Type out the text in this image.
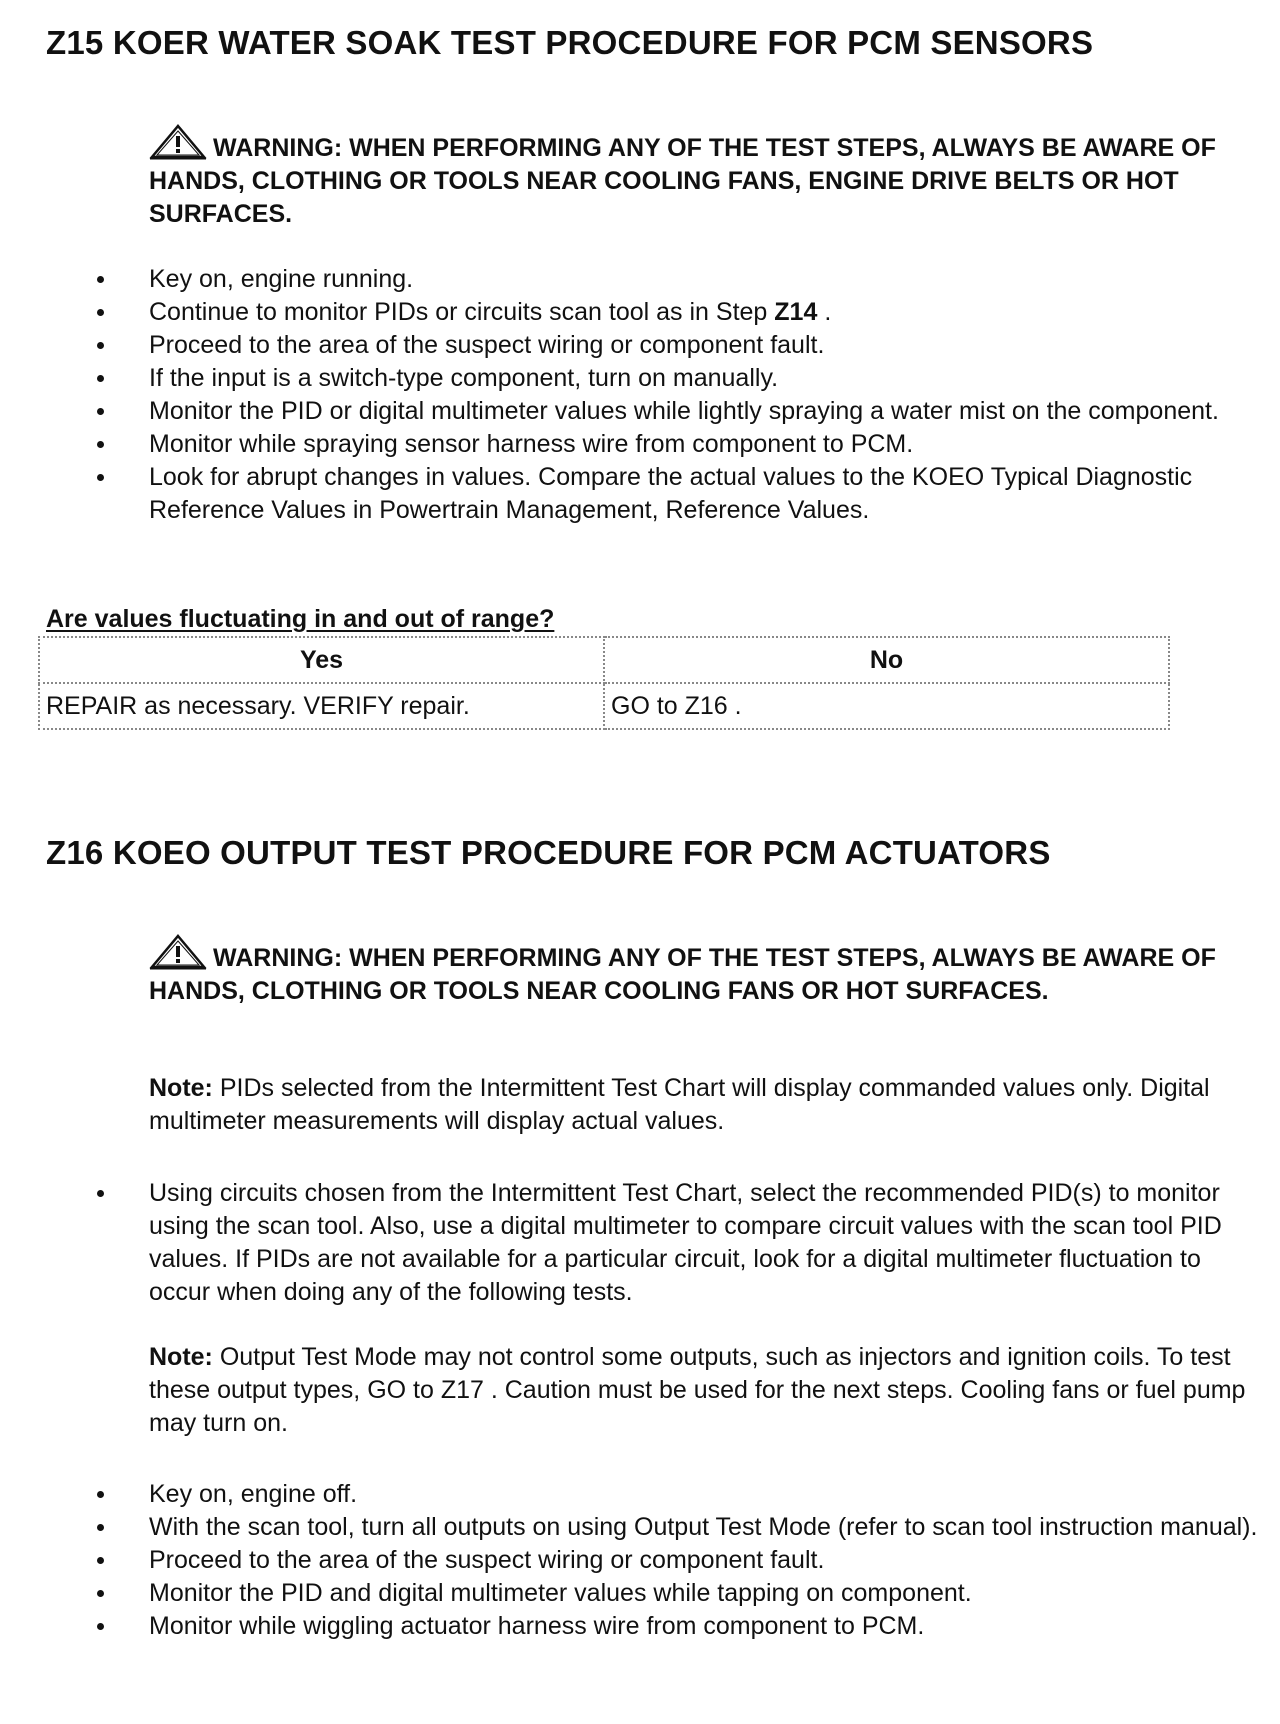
Z15 KOER WATER SOAK TEST PROCEDURE FOR PCM SENSORS
WARNING: WHEN PERFORMING ANY OF THE TEST STEPS, ALWAYS BE AWARE OF HANDS, CLOTHING OR TOOLS NEAR COOLING FANS, ENGINE DRIVE BELTS OR HOT SURFACES.
Key on, engine running.
Continue to monitor PIDs or circuits scan tool as in Step Z14 .
Proceed to the area of the suspect wiring or component fault.
If the input is a switch-type component, turn on manually.
Monitor the PID or digital multimeter values while lightly spraying a water mist on the component.
Monitor while spraying sensor harness wire from component to PCM.
Look for abrupt changes in values. Compare the actual values to the KOEO Typical Diagnostic Reference Values in Powertrain Management, Reference Values.
Are values fluctuating in and out of range?
Yes	No
REPAIR as necessary. VERIFY repair.	GO to Z16 .
Z16 KOEO OUTPUT TEST PROCEDURE FOR PCM ACTUATORS
WARNING: WHEN PERFORMING ANY OF THE TEST STEPS, ALWAYS BE AWARE OF HANDS, CLOTHING OR TOOLS NEAR COOLING FANS OR HOT SURFACES.
Note: PIDs selected from the Intermittent Test Chart will display commanded values only. Digital multimeter measurements will display actual values.
Using circuits chosen from the Intermittent Test Chart, select the recommended PID(s) to monitor using the scan tool. Also, use a digital multimeter to compare circuit values with the scan tool PID values. If PIDs are not available for a particular circuit, look for a digital multimeter fluctuation to occur when doing any of the following tests.
Note: Output Test Mode may not control some outputs, such as injectors and ignition coils. To test these output types, GO to Z17 . Caution must be used for the next steps. Cooling fans or fuel pump may turn on.
Key on, engine off.
With the scan tool, turn all outputs on using Output Test Mode (refer to scan tool instruction manual).
Proceed to the area of the suspect wiring or component fault.
Monitor the PID and digital multimeter values while tapping on component.
Monitor while wiggling actuator harness wire from component to PCM.
